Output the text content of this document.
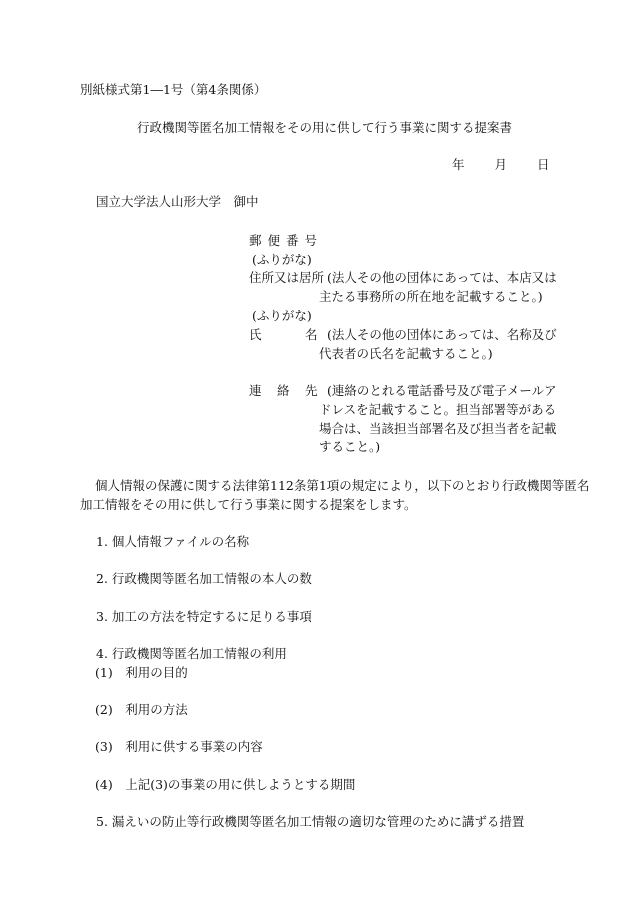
別紙様式第1―1号（第4条関係）
行政機関等匿名加工情報をその用に供して行う事業に関する提案書
年 月 日
国立大学法人山形大学　御中
郵便番号
(ふりがな)
住所又は居所 (法人その他の団体にあっては、本店又は
主たる事務所の所在地を記載すること。)
(ふりがな)
氏	名 (法人その他の団体にあっては、名称及び
代表者の氏名を記載すること。)
連 絡 先 (連絡のとれる電話番号及び電子メールア
ドレスを記載すること。担当部署等がある
場合は、当該担当部署名及び担当者を記載
すること。)
個人情報の保護に関する法律第112条第1項の規定により，以下のとおり行政機関等匿名
加工情報をその用に供して行う事業に関する提案をします。
1. 個人情報ファイルの名称
2. 行政機関等匿名加工情報の本人の数
3. 加工の方法を特定するに足りる事項
4. 行政機関等匿名加工情報の利用
(1)　利用の目的
(2)　利用の方法
(3)　利用に供する事業の内容
(4)　上記(3)の事業の用に供しようとする期間
5. 漏えいの防止等行政機関等匿名加工情報の適切な管理のために講ずる措置
